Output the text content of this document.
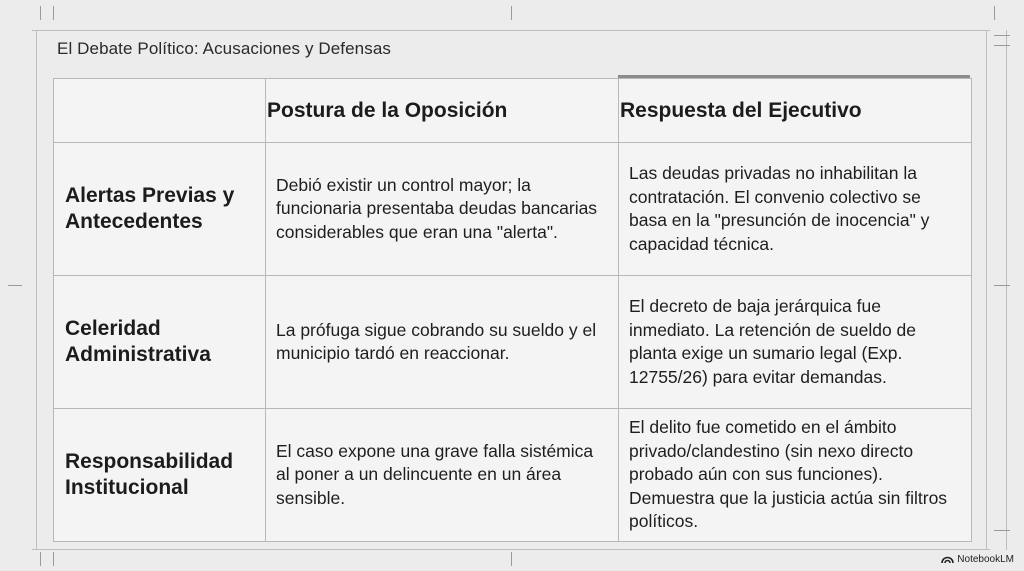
El Debate Político: Acusaciones y Defensas
	Postura de la Oposición	Respuesta del Ejecutivo
Alertas Previas y Antecedentes	Debió existir un control mayor; la funcionaria presentaba deudas bancarias considerables que eran una "alerta".	Las deudas privadas no inhabilitan la contratación. El convenio colectivo se basa en la "presunción de inocencia" y capacidad técnica.
Celeridad Administrativa	La prófuga sigue cobrando su sueldo y el municipio tardó en reaccionar.	El decreto de baja jerárquica fue inmediato. La retención de sueldo de planta exige un sumario legal (Exp. 12755/26) para evitar demandas.
Responsabilidad Institucional	El caso expone una grave falla sistémica al poner a un delincuente en un área sensible.	El delito fue cometido en el ámbito privado/clandestino (sin nexo directo probado aún con sus funciones). Demuestra que la justicia actúa sin filtros políticos.
NotebookLM
